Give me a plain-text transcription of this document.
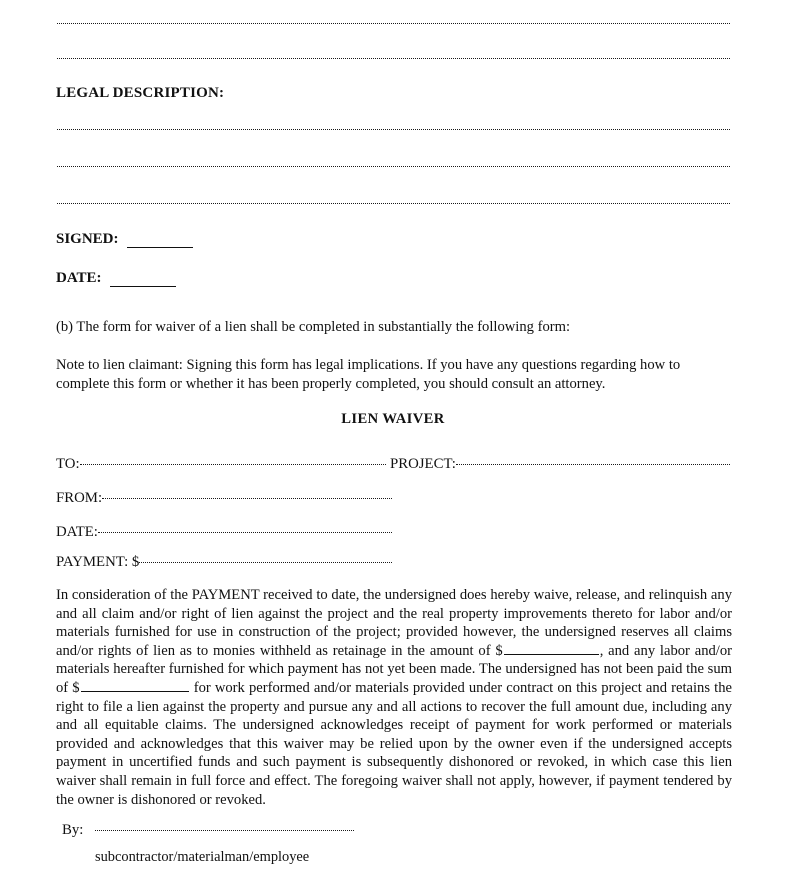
LEGAL DESCRIPTION:
SIGNED:
DATE:
(b) The form for waiver of a lien shall be completed in substantially the following form:
Note to lien claimant: Signing this form has legal implications. If you have any questions regarding how to complete this form or whether it has been properly completed, you should consult an attorney.
LIEN WAIVER
TO:	PROJECT:
FROM:
DATE:
PAYMENT: $
In consideration of the PAYMENT received to date, the undersigned does hereby waive, release, and relinquish any and all claim and/or right of lien against the project and the real property improvements thereto for labor and/or materials furnished for use in construction of the project; provided however, the undersigned reserves all claims and/or rights of lien as to monies withheld as retainage in the amount of $	, and any labor and/or materials hereafter furnished for which payment has not yet been made. The undersigned has not been paid the sum of $	for work performed and/or materials provided under contract on this project and retains the right to file a lien against the property and pursue any and all actions to recover the full amount due, including any and all equitable claims. The undersigned acknowledges receipt of payment for work performed or materials provided and acknowledges that this waiver may be relied upon by the owner even if the undersigned accepts payment in uncertified funds and such payment is subsequently dishonored or revoked, in which case this lien waiver shall remain in full force and effect. The foregoing waiver shall not apply, however, if payment tendered by the owner is dishonored or revoked.
By:
subcontractor/materialman/employee
